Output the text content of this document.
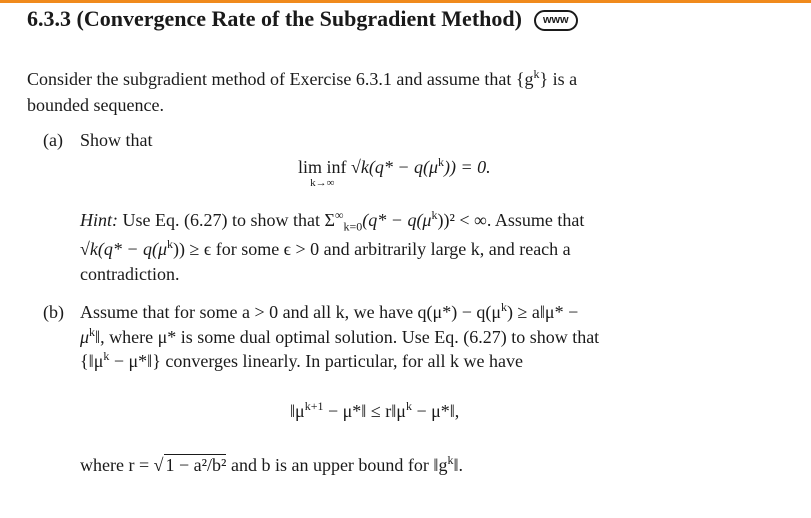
6.3.3 (Convergence Rate of the Subgradient Method) www
Consider the subgradient method of Exercise 6.3.1 and assume that $\{g^k\}$ is a
bounded sequence.
(a) Show that
lim inf
k→∞
$√k(q* - q(\mu^k)) = 0$.
Hint: Use Eq. (6.27) to show that $\Sigma^\infty_{k=0}(q* - q(\mu^k))^2$ < ∞. Assume that
$√k(q* - q(\mu^k)) \ge \epsilon$ for some ϵ > 0 and arbitrarily large k, and reach a
contradiction.
(b) Assume that for some a > 0 and all k, we have $q(\mu*) - q(\mu^k)$ ≥ a‖μ* −
$\mu^k‖$, where μ* is some dual optimal solution. Use Eq. (6.27) to show that
{$‖\mu^k$ − μ*‖} converges linearly. In particular, for all k we have
$‖\mu^{k+1}$ − μ*‖ ≤ $r‖\mu^k$ − μ*‖,
where r = √ 1 − a²/b² and b is an upper bound for $‖g^k‖$.
